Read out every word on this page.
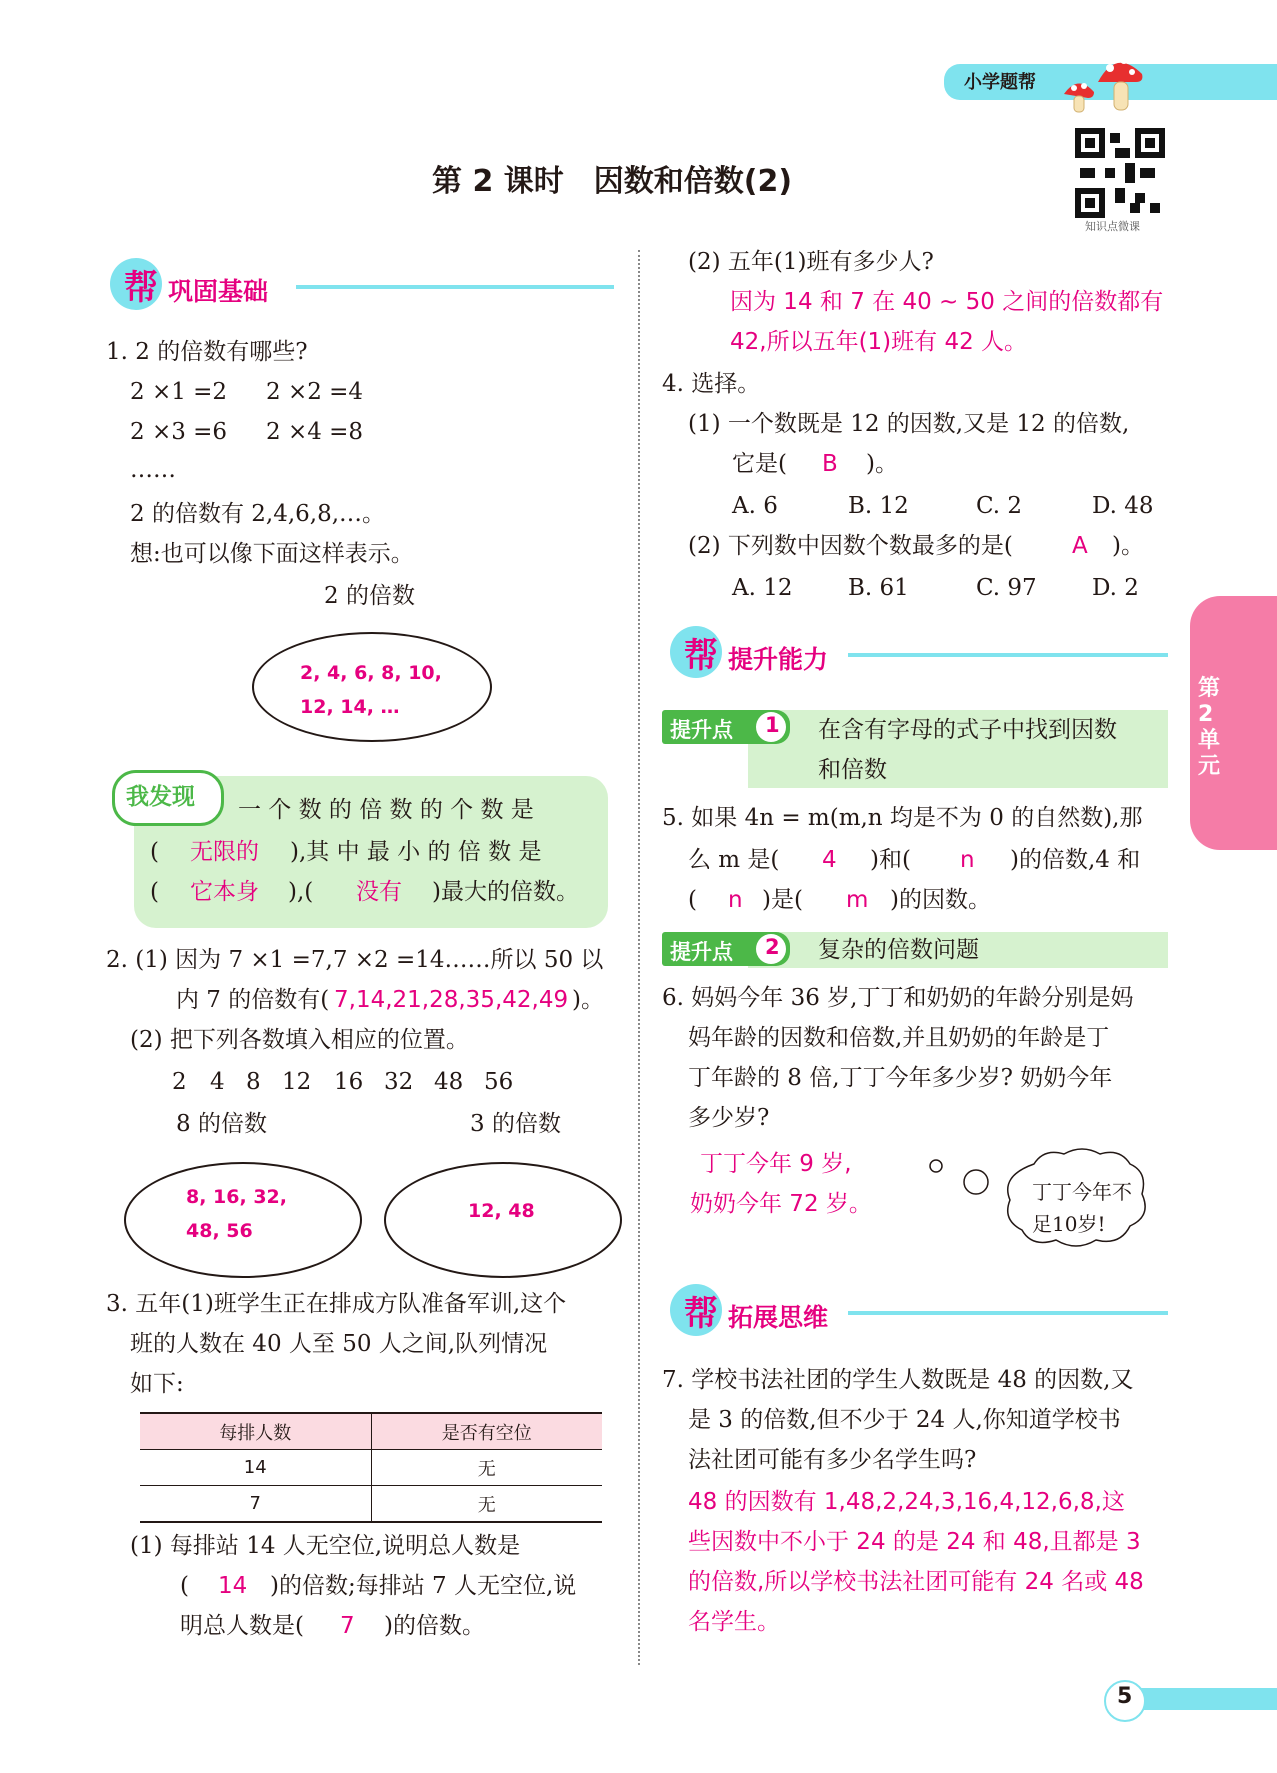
小学题帮
第 2 课时　因数和倍数(2)
知识点微课
第2单元
帮 巩固基础
1. 2 的倍数有哪些?
2 ×1 =2 2 ×2 =4
2 ×3 =6 2 ×4 =8
……
2 的倍数有 2,4,6,8,…。
想:也可以像下面这样表示。
2 的倍数
2, 4, 6, 8, 10,
12, 14, …
我发现 一 个 数 的 倍 数 的 个 数 是
( 无限的 ),其 中 最 小 的 倍 数 是
( 它本身 ),( 没有 )最大的倍数。
2. (1) 因为 7 ×1 =7,7 ×2 =14……所以 50 以
内 7 的倍数有( 7,14,21,28,35,42,49 )。
(2) 把下列各数填入相应的位置。
2 4 8 12 16 32 48 56
8 的倍数	3 的倍数
8, 16, 32,
48, 56
12, 48
3. 五年(1)班学生正在排成方队准备军训,这个
班的人数在 40 人至 50 人之间,队列情况
如下:
每排人数	是否有空位
14	无
7	无
(1) 每排站 14 人无空位,说明总人数是
( 14 )的倍数;每排站 7 人无空位,说
明总人数是( 7 )的倍数。
(2) 五年(1)班有多少人?
因为 14 和 7 在 40 ~ 50 之间的倍数都有
42,所以五年(1)班有 42 人。
4. 选择。
(1) 一个数既是 12 的因数,又是 12 的倍数,
它是( B )。
A. 6	B. 12	C. 2	D. 48
(2) 下列数中因数个数最多的是(	A )。
A. 12 B. 61	C. 97 D. 2
帮 提升能力
提升点 1 在含有字母的式子中找到因数
和倍数
5. 如果 4n = m(m,n 均是不为 0 的自然数),那
么 m 是( 4 )和( n )的倍数,4 和
( n )是( m )的因数。
提升点 2 复杂的倍数问题
6. 妈妈今年 36 岁,丁丁和奶奶的年龄分别是妈
妈年龄的因数和倍数,并且奶奶的年龄是丁
丁年龄的 8 倍,丁丁今年多少岁? 奶奶今年
多少岁?
丁丁今年 9 岁,
奶奶今年 72 岁。	丁丁今年不
足10岁!
帮 拓展思维
7. 学校书法社团的学生人数既是 48 的因数,又
是 3 的倍数,但不少于 24 人,你知道学校书
法社团可能有多少名学生吗?
48 的因数有 1,48,2,24,3,16,4,12,6,8,这
些因数中不小于 24 的是 24 和 48,且都是 3
的倍数,所以学校书法社团可能有 24 名或 48
名学生。
5
